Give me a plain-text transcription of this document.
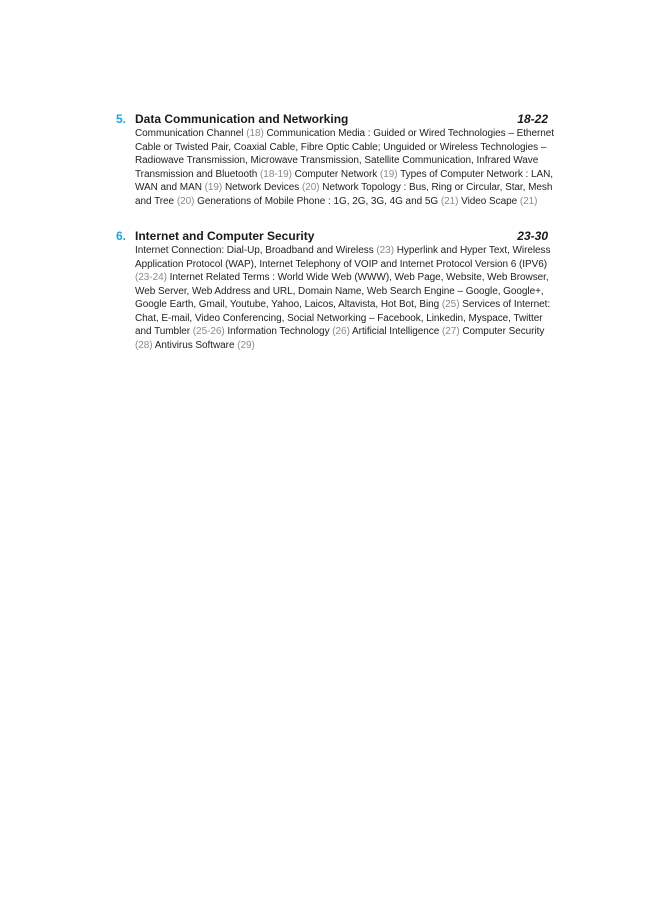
5. Data Communication and Networking	18-22
Communication Channel (18) Communication Media : Guided or Wired Technologies – Ethernet Cable or Twisted Pair, Coaxial Cable, Fibre Optic Cable; Unguided or Wireless Technologies – Radiowave Transmission, Microwave Transmission, Satellite Communication, Infrared Wave Transmission and Bluetooth (18-19) Computer Network (19) Types of Computer Network : LAN, WAN and MAN (19) Network Devices (20) Network Topology : Bus, Ring or Circular, Star, Mesh and Tree (20) Generations of Mobile Phone : 1G, 2G, 3G, 4G and 5G (21) Video Scape (21)
6. Internet and Computer Security	23-30
Internet Connection: Dial-Up, Broadband and Wireless (23) Hyperlink and Hyper Text, Wireless Application Protocol (WAP), Internet Telephony of VOIP and Internet Protocol Version 6 (IPV6) (23-24) Internet Related Terms : World Wide Web (WWW), Web Page, Website, Web Browser, Web Server, Web Address and URL, Domain Name, Web Search Engine – Google, Google+, Google Earth, Gmail, Youtube, Yahoo, Laicos, Altavista, Hot Bot, Bing (25) Services of Internet: Chat, E-mail, Video Conferencing, Social Networking – Facebook, Linkedin, Myspace, Twitter and Tumbler (25-26) Information Technology (26) Artificial Intelligence (27) Computer Security (28) Antivirus Software (29)
